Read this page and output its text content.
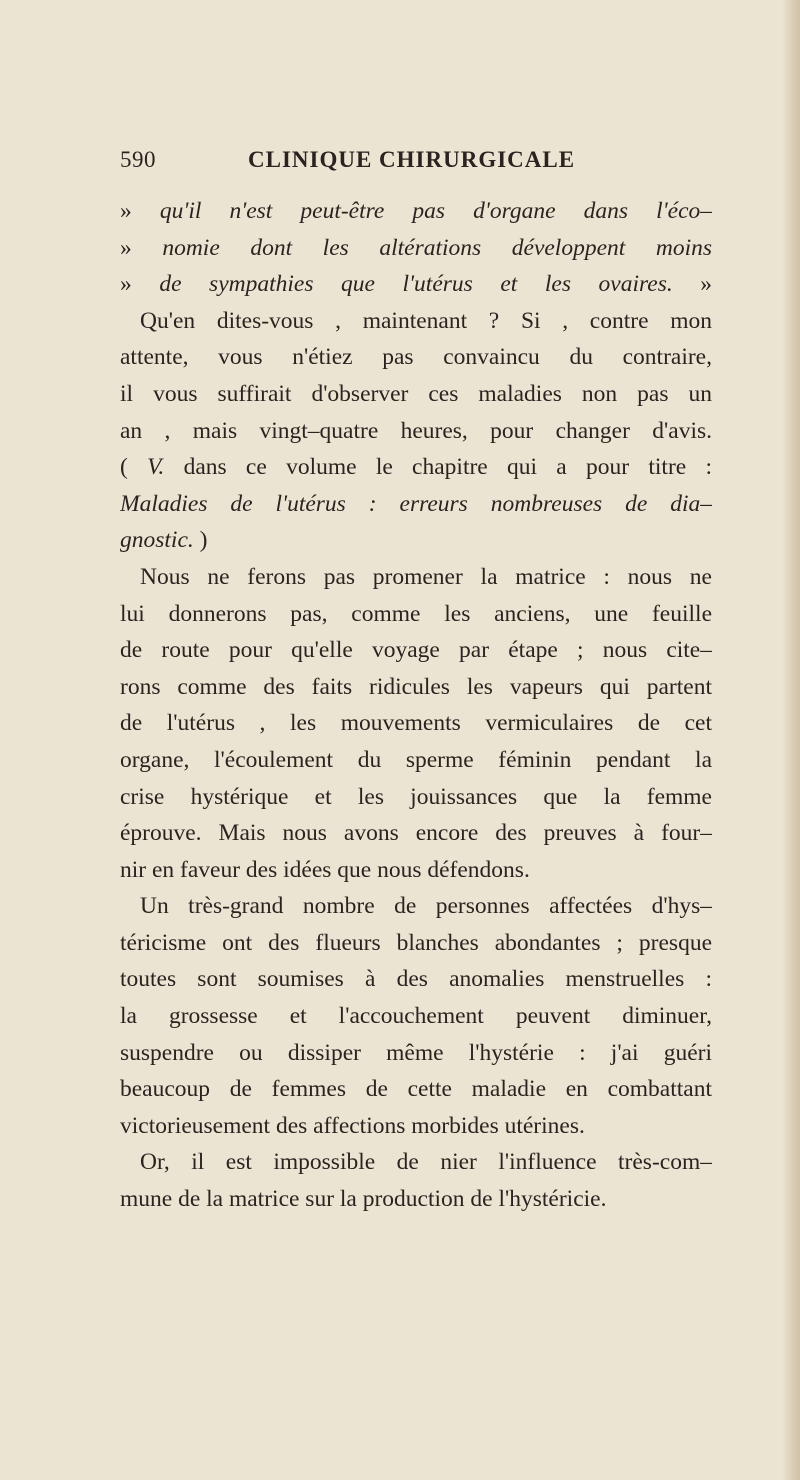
590	CLINIQUE CHIRURGICALE
» qu'il n'est peut-être pas d'organe dans l'éco–
» nomie dont les altérations développent moins
» de sympathies que l'utérus et les ovaires. »
Qu'en dites-vous , maintenant ? Si , contre mon
attente, vous n'étiez pas convaincu du contraire,
il vous suffirait d'observer ces maladies non pas un
an , mais vingt–quatre heures, pour changer d'avis.
( V. dans ce volume le chapitre qui a pour titre :
Maladies de l'utérus : erreurs nombreuses de dia–
gnostic. )
Nous ne ferons pas promener la matrice : nous ne
lui donnerons pas, comme les anciens, une feuille
de route pour qu'elle voyage par étape ; nous cite–
rons comme des faits ridicules les vapeurs qui partent
de l'utérus , les mouvements vermiculaires de cet
organe, l'écoulement du sperme féminin pendant la
crise hystérique et les jouissances que la femme
éprouve. Mais nous avons encore des preuves à four–
nir en faveur des idées que nous défendons.
Un très-grand nombre de personnes affectées d'hys–
téricisme ont des flueurs blanches abondantes ; presque
toutes sont soumises à des anomalies menstruelles :
la grossesse et l'accouchement peuvent diminuer,
suspendre ou dissiper même l'hystérie : j'ai guéri
beaucoup de femmes de cette maladie en combattant
victorieusement des affections morbides utérines.
Or, il est impossible de nier l'influence très-com–
mune de la matrice sur la production de l'hystéricie.
